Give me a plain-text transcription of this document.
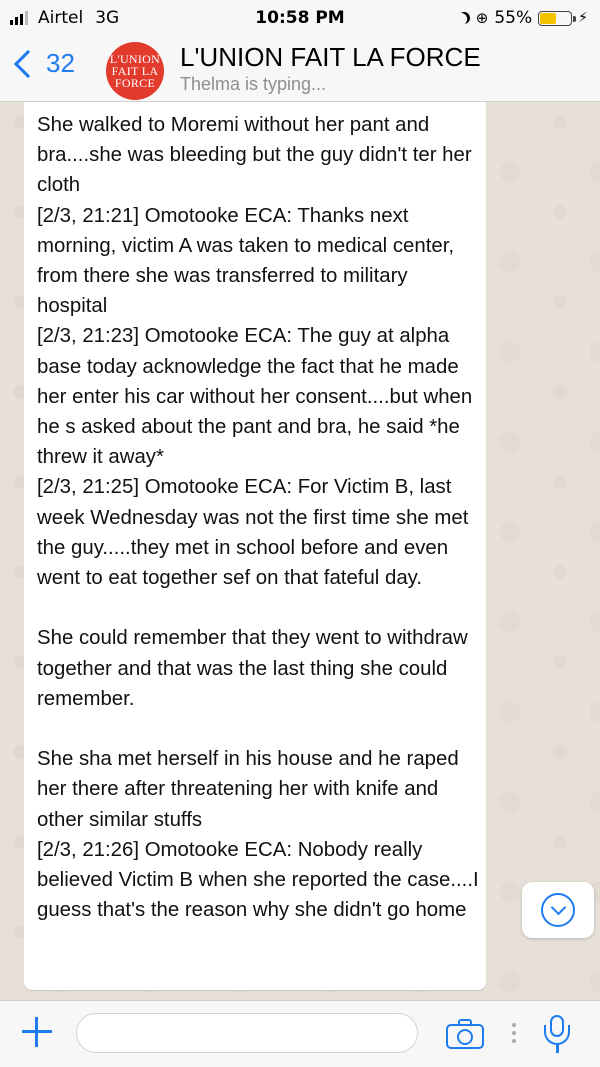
Airtel 3G	10:58 PM	⊕ 55%	⚡
32	L'UNION
FAIT LA
FORCE
L'UNION FAIT LA FORCE
Thelma is typing...

She walked to Moremi without her pant and bra....she was bleeding but the guy didn't ter her cloth

[2/3, 21:21] Omotooke ECA: Thanks next morning, victim A was taken to medical center, from there she was transferred to military hospital

[2/3, 21:23] Omotooke ECA: The guy at alpha base today acknowledge the fact that he made her enter his car without her consent....but when he s asked about the pant and bra, he said *he threw it away*

[2/3, 21:25] Omotooke ECA: For Victim B, last week Wednesday was not the first time she met the guy.....they met in school before and even went to eat together sef on that fateful day.

She could remember that they went to withdraw together and that was the last thing she could remember.

She sha met herself in his house and he raped her there after threatening her with knife and other similar stuffs

[2/3, 21:26] Omotooke ECA: Nobody really believed Victim B when she reported the case....I guess that's the reason why she didn't go home
